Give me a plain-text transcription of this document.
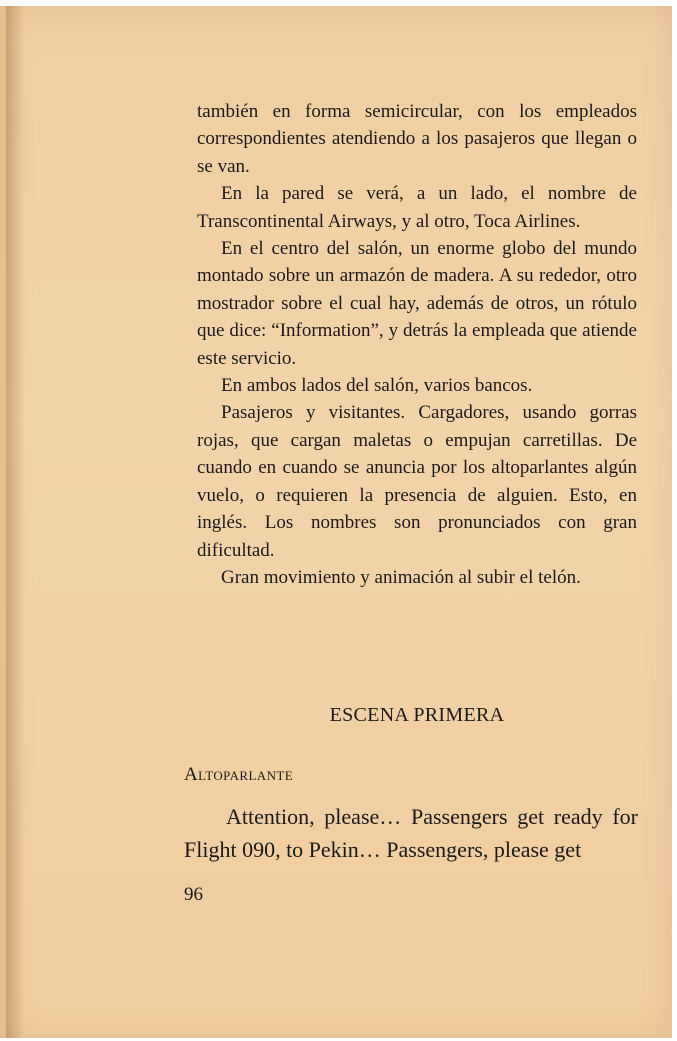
también en forma semicircular, con los empleados correspondientes atendiendo a los pasajeros que llegan o se van.

En la pared se verá, a un lado, el nombre de Transcontinental Airways, y al otro, Toca Airlines.

En el centro del salón, un enorme globo del mundo montado sobre un armazón de madera. A su rededor, otro mostrador sobre el cual hay, además de otros, un rótulo que dice: “Information”, y detrás la empleada que atiende este servicio.

En ambos lados del salón, varios bancos.

Pasajeros y visitantes. Cargadores, usando gorras rojas, que cargan maletas o empujan carretillas. De cuando en cuando se anuncia por los altoparlantes algún vuelo, o requieren la presencia de alguien. Esto, en inglés. Los nombres son pronunciados con gran dificultad.

Gran movimiento y animación al subir el telón.

ESCENA PRIMERA
Altoparlante

Attention, please… Passengers get ready for Flight 090, to Pekin… Passengers, please get

96
